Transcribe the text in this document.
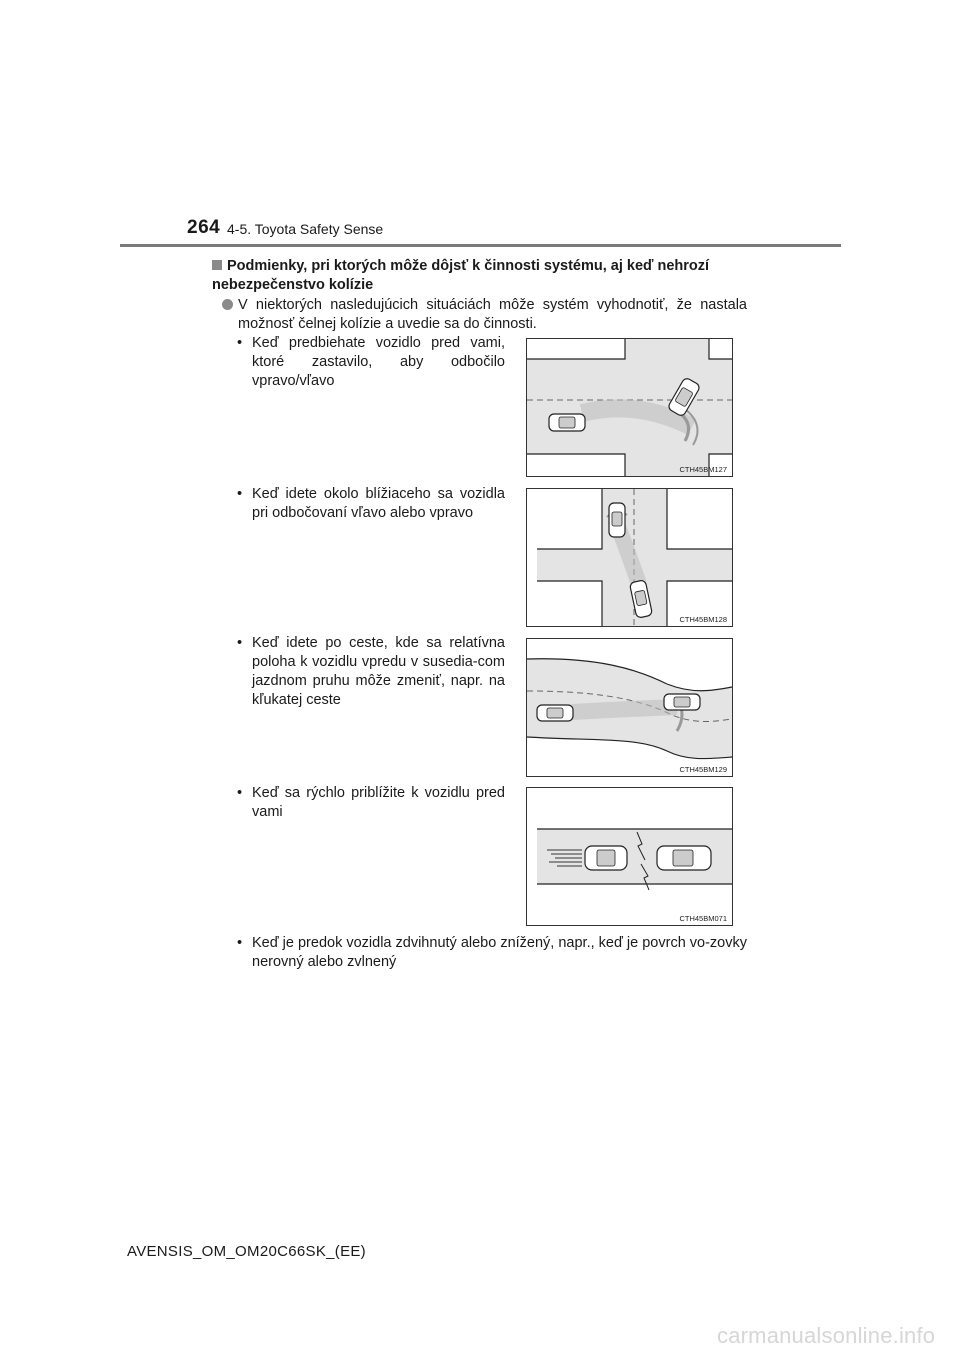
264 4-5. Toyota Safety Sense
Podmienky, pri ktorých môže dôjsť k činnosti systému, aj keď nehrozí nebezpečenstvo kolízie
V niektorých nasledujúcich situáciách môže systém vyhodnotiť, že nastala možnosť čelnej kolízie a uvedie sa do činnosti.
• Keď predbiehate vozidlo pred vami, ktoré zastavilo, aby odbočilo vpravo/vľavo
CTH45BM127
• Keď idete okolo blížiaceho sa vozidla pri odbočovaní vľavo alebo vpravo
CTH45BM128
• Keď idete po ceste, kde sa relatívna poloha k vozidlu vpredu v susedia-com jazdnom pruhu môže zmeniť, napr. na kľukatej ceste
CTH45BM129
• Keď sa rýchlo priblížite k vozidlu pred vami
CTH45BM071
• Keď je predok vozidla zdvihnutý alebo znížený, napr., keď je povrch vo-zovky nerovný alebo zvlnený
AVENSIS_OM_OM20C66SK_(EE)
carmanualsonline.info
